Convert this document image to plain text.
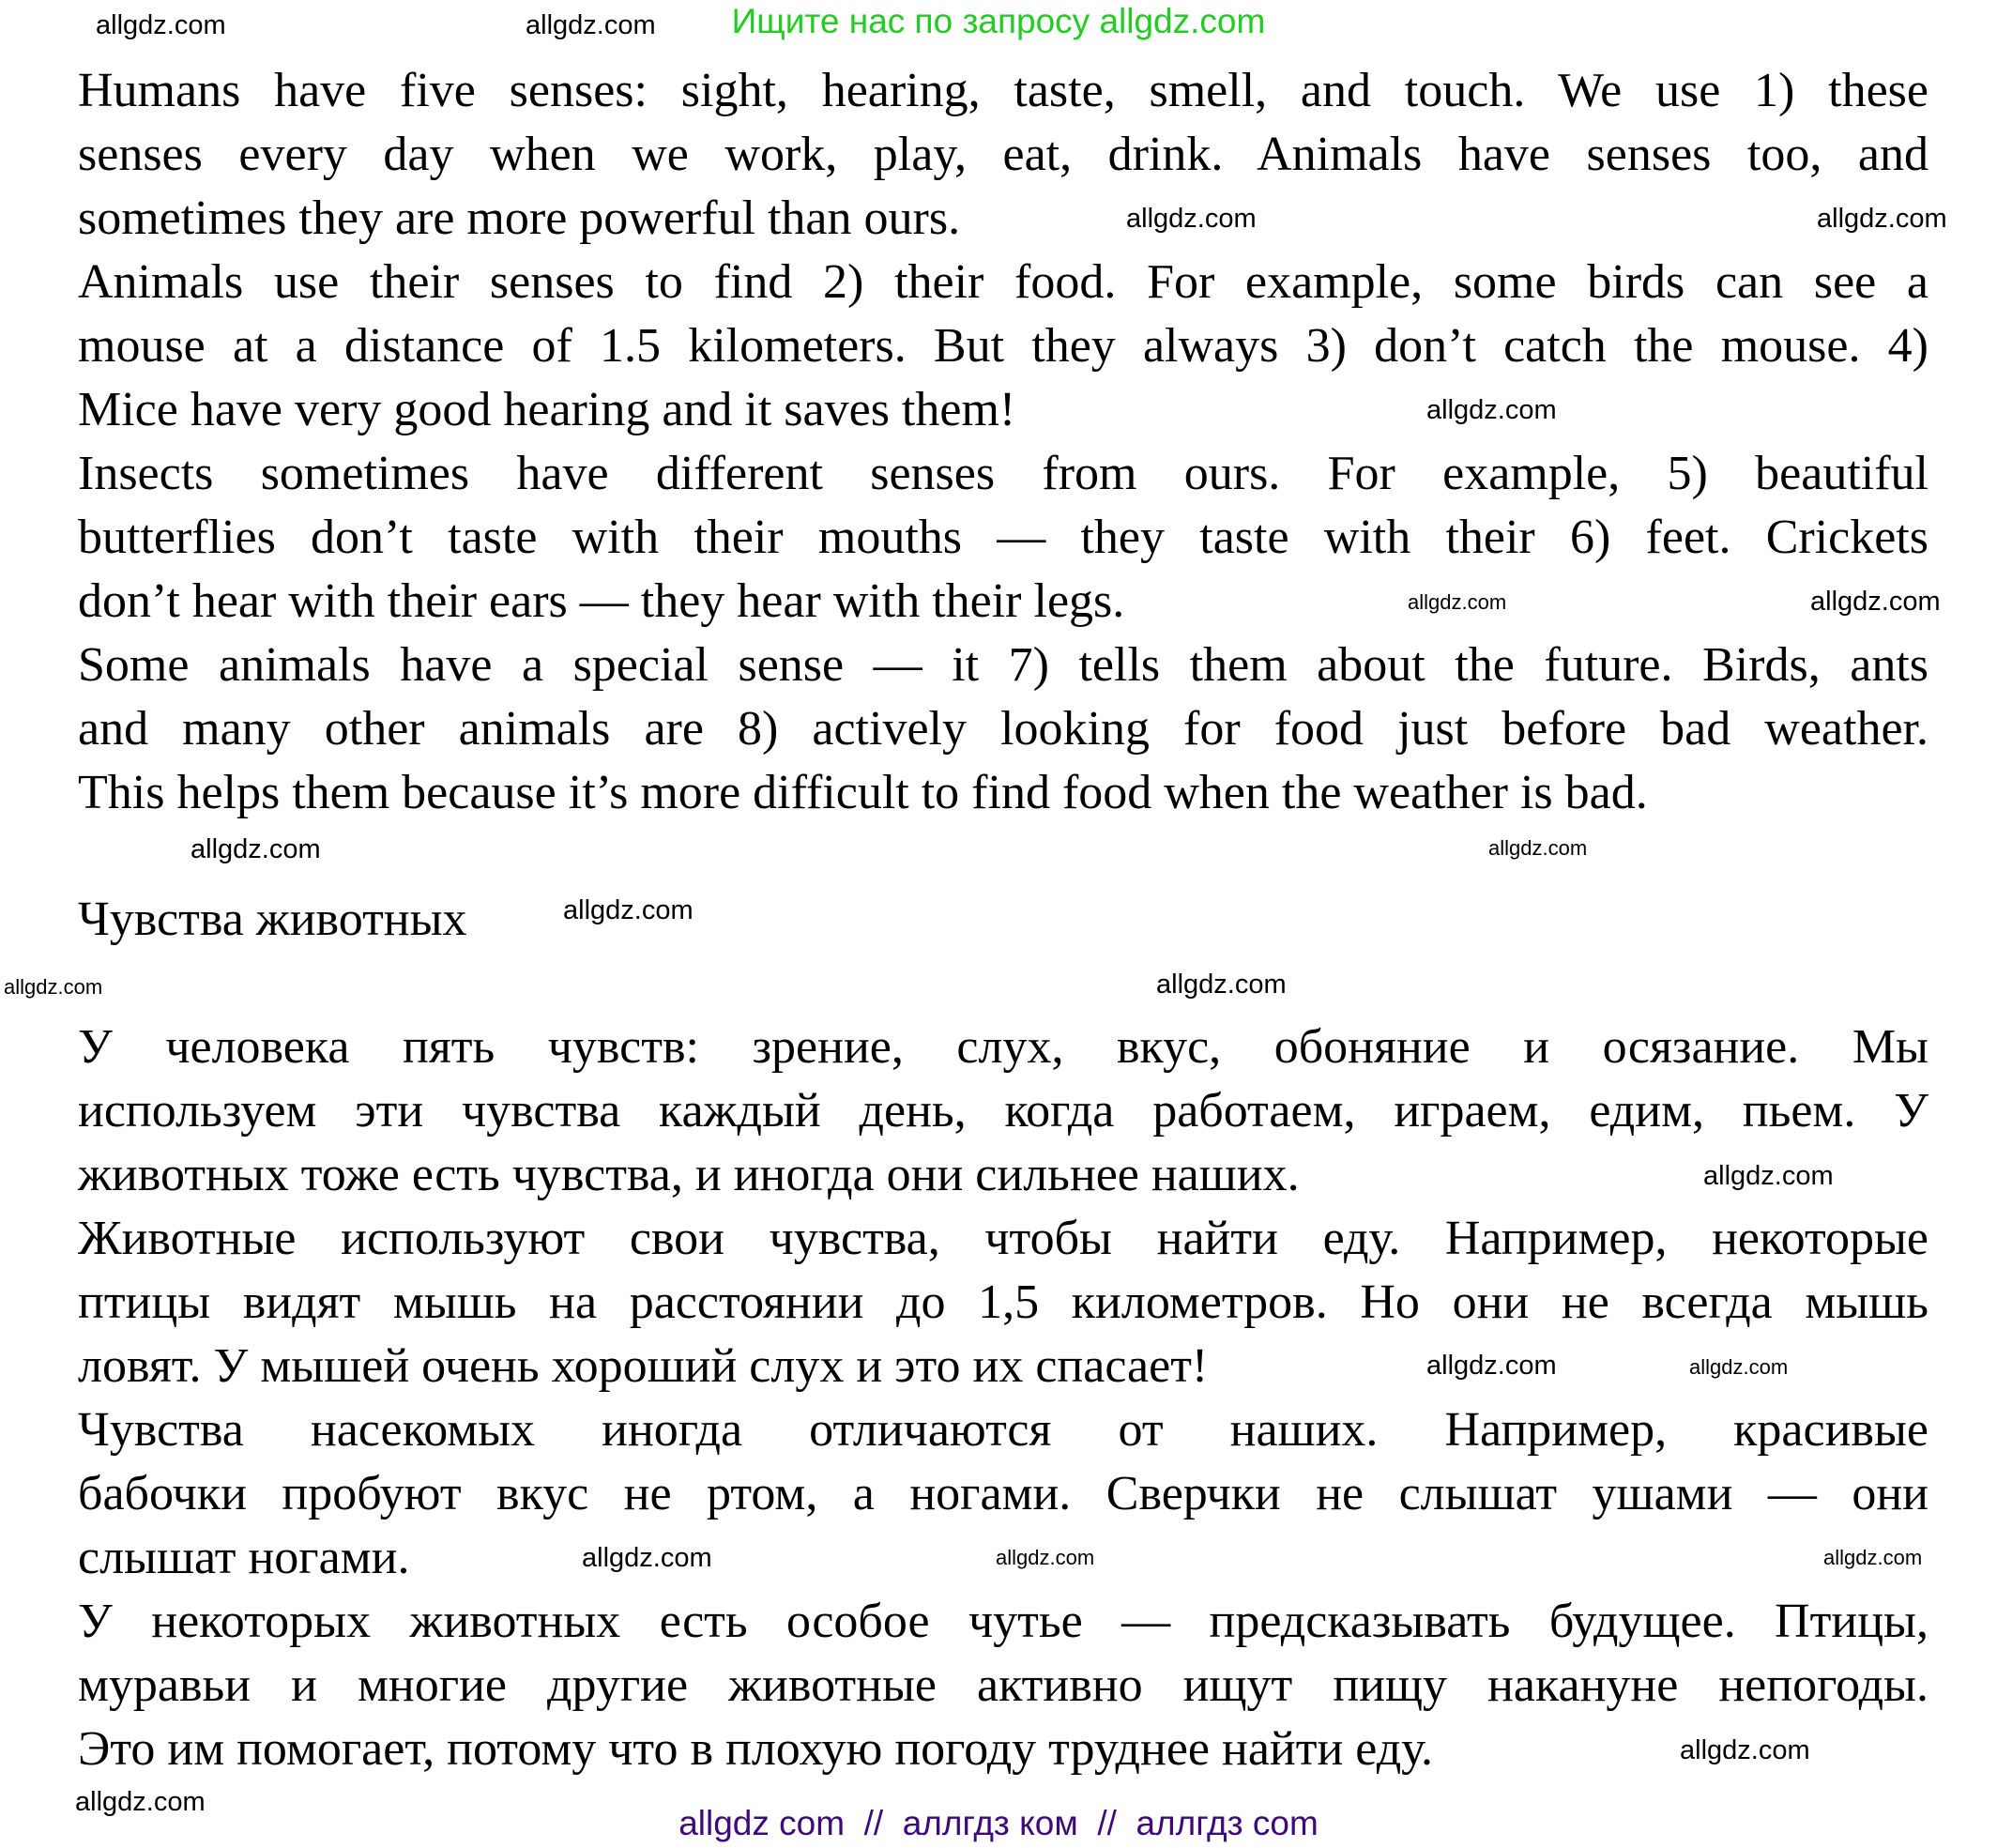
Ищите нас по запросу allgdz.com
Humans have five senses: sight, hearing, taste, smell, and touch. We use 1) these
senses every day when we work, play, eat, drink. Animals have senses too, and
sometimes they are more powerful than ours.
Animals use their senses to find 2) their food. For example, some birds can see a
mouse at a distance of 1.5 kilometers. But they always 3) don’t catch the mouse. 4)
Mice have very good hearing and it saves them!
Insects sometimes have different senses from ours. For example, 5) beautiful
butterflies don’t taste with their mouths — they taste with their 6) feet. Crickets
don’t hear with their ears — they hear with their legs.
Some animals have a special sense — it 7) tells them about the future. Birds, ants
and many other animals are 8) actively looking for food just before bad weather.
This helps them because it’s more difficult to find food when the weather is bad.
Чувства животных
У человека пять чувств: зрение, слух, вкус, обоняние и осязание. Мы
используем эти чувства каждый день, когда работаем, играем, едим, пьем. У
животных тоже есть чувства, и иногда они сильнее наших.
Животные используют свои чувства, чтобы найти еду. Например, некоторые
птицы видят мышь на расстоянии до 1,5 километров. Но они не всегда мышь
ловят. У мышей очень хороший слух и это их спасает!
Чувства насекомых иногда отличаются от наших. Например, красивые
бабочки пробуют вкус не ртом, а ногами. Сверчки не слышат ушами — они
слышат ногами.
У некоторых животных есть особое чутье — предсказывать будущее. Птицы,
муравьи и многие другие животные активно ищут пищу накануне непогоды.
Это им помогает, потому что в плохую погоду труднее найти еду.
allgdz.com
allgdz.com
allgdz.com	allgdz.com
allgdz.com
allgdz.com	allgdz.com
allgdz.com
allgdz.com
allgdz.com
allgdz.com
allgdz.com
allgdz.com
allgdz.com
allgdz.com
allgdz.com
allgdz.com
allgdz.com
allgdz.com
allgdz.com
allgdz com  //  аллгдз ком  //  аллгдз com
